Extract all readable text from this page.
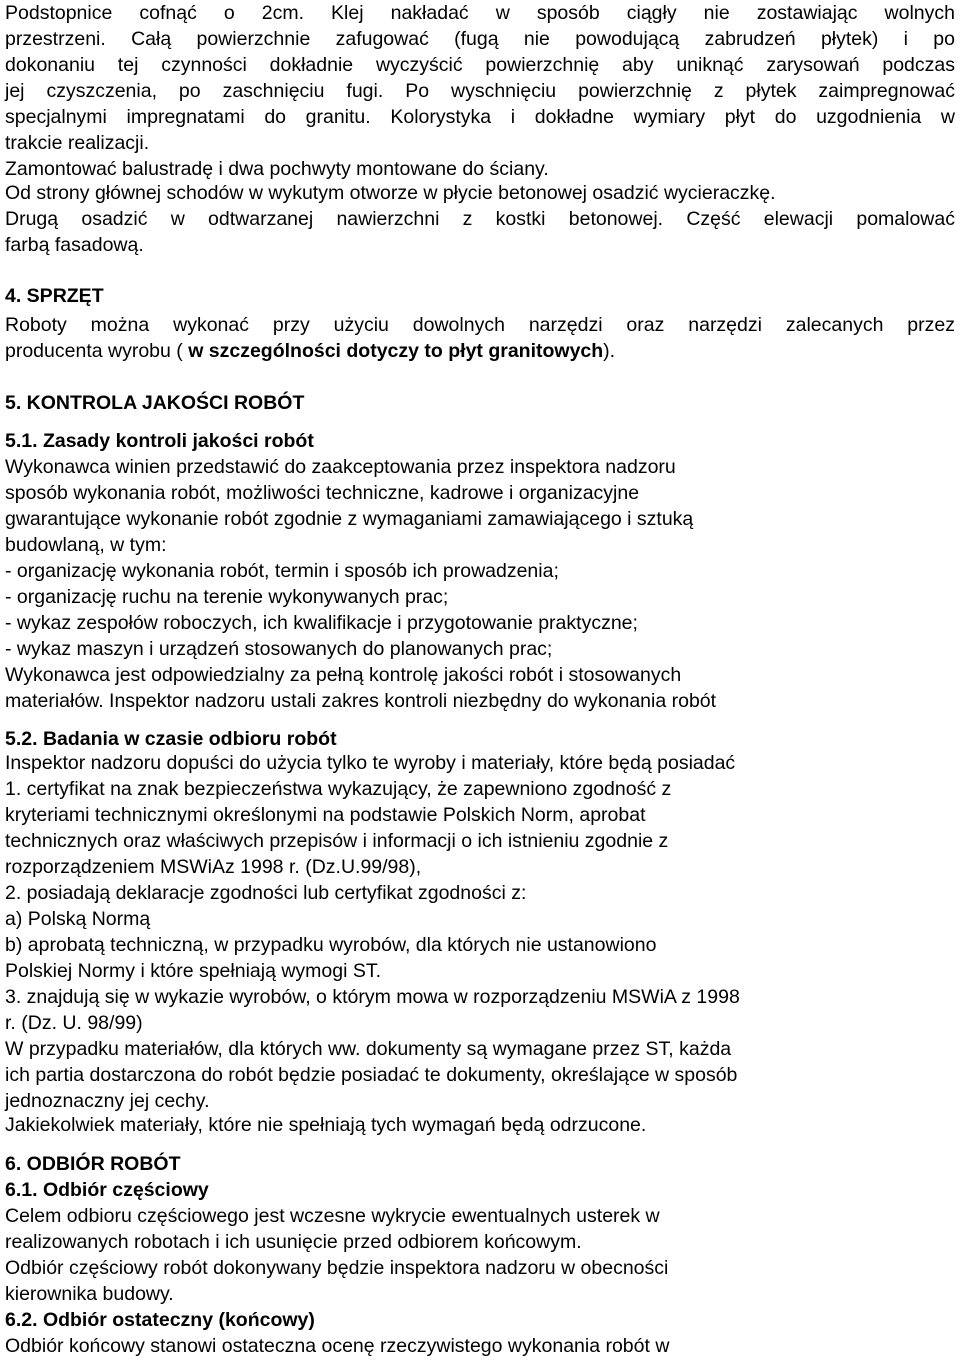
Podstopnice cofnąć o 2cm. Klej nakładać w sposób ciągły nie zostawiając wolnych

przestrzeni. Całą powierzchnie zafugować (fugą nie powodującą zabrudzeń płytek) i po

dokonaniu tej czynności dokładnie wyczyścić powierzchnię aby uniknąć zarysowań podczas

jej czyszczenia, po zaschnięciu fugi. Po wyschnięciu powierzchnię z płytek zaimpregnować

specjalnymi impregnatami do granitu. Kolorystyka i dokładne wymiary płyt do uzgodnienia w

trakcie realizacji.

Zamontować balustradę i dwa pochwyty montowane do ściany.

Od strony głównej schodów w wykutym otworze w płycie betonowej osadzić wycieraczkę.

Drugą osadzić w odtwarzanej nawierzchni z kostki betonowej. Część elewacji pomalować

farbą fasadową.

4. SPRZĘT

Roboty można wykonać przy użyciu dowolnych narzędzi oraz narzędzi zalecanych przez

producenta wyrobu ( w szczególności dotyczy to płyt granitowych).

5. KONTROLA JAKOŚCI ROBÓT

5.1. Zasady kontroli jakości robót

Wykonawca winien przedstawić do zaakceptowania przez inspektora nadzoru

sposób wykonania robót, możliwości techniczne, kadrowe i organizacyjne

gwarantujące wykonanie robót zgodnie z wymaganiami zamawiającego i sztuką

budowlaną, w tym:

- organizację wykonania robót, termin i sposób ich prowadzenia;

- organizację ruchu na terenie wykonywanych prac;

- wykaz zespołów roboczych, ich kwalifikacje i przygotowanie praktyczne;

- wykaz maszyn i urządzeń stosowanych do planowanych prac;

Wykonawca jest odpowiedzialny za pełną kontrolę jakości robót i stosowanych

materiałów. Inspektor nadzoru ustali zakres kontroli niezbędny do wykonania robót

5.2. Badania w czasie odbioru robót

Inspektor nadzoru dopuści do użycia tylko te wyroby i materiały, które będą posiadać

1. certyfikat na znak bezpieczeństwa wykazujący, że zapewniono zgodność z

kryteriami technicznymi określonymi na podstawie Polskich Norm, aprobat

technicznych oraz właściwych przepisów i informacji o ich istnieniu zgodnie z

rozporządzeniem MSWiAz 1998 r. (Dz.U.99/98),

2. posiadają deklaracje zgodności lub certyfikat zgodności z:

a) Polską Normą

b) aprobatą techniczną, w przypadku wyrobów, dla których nie ustanowiono

Polskiej Normy i które spełniają wymogi ST.

3. znajdują się w wykazie wyrobów, o którym mowa w rozporządzeniu MSWiA z 1998

r. (Dz. U. 98/99)

W przypadku materiałów, dla których ww. dokumenty są wymagane przez ST, każda

ich partia dostarczona do robót będzie posiadać te dokumenty, określające w sposób

jednoznaczny jej cechy.

Jakiekolwiek materiały, które nie spełniają tych wymagań będą odrzucone.

6. ODBIÓR ROBÓT

6.1. Odbiór częściowy

Celem odbioru częściowego jest wczesne wykrycie ewentualnych usterek w

realizowanych robotach i ich usunięcie przed odbiorem końcowym.

Odbiór częściowy robót dokonywany będzie inspektora nadzoru w obecności

kierownika budowy.

6.2. Odbiór ostateczny (końcowy)

Odbiór końcowy stanowi ostateczna ocenę rzeczywistego wykonania robót w
